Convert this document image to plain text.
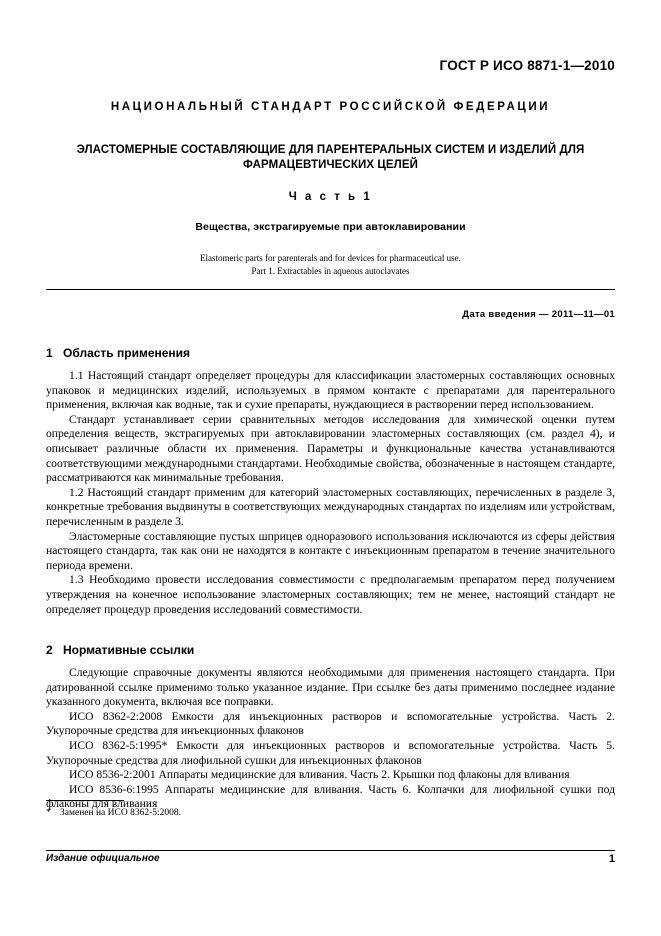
ГОСТ Р ИСО 8871-1—2010
НАЦИОНАЛЬНЫЙ СТАНДАРТ РОССИЙСКОЙ ФЕДЕРАЦИИ
ЭЛАСТОМЕРНЫЕ СОСТАВЛЯЮЩИЕ ДЛЯ ПАРЕНТЕРАЛЬНЫХ СИСТЕМ И ИЗДЕЛИЙ ДЛЯ ФАРМАЦЕВТИЧЕСКИХ ЦЕЛЕЙ
Ч а с т ь 1
Вещества, экстрагируемые при автоклавировании
Elastomeric parts for parenterals and for devices for pharmaceutical use.
Part 1. Extractables in aqueous autoclavates
Дата введения — 2011—11—01
1 Область применения

1.1 Настоящий стандарт определяет процедуры для классификации эластомерных составляющих основных упаковок и медицинских изделий, используемых в прямом контакте с препаратами для парентерального применения, включая как водные, так и сухие препараты, нуждающиеся в растворении перед использованием.

Стандарт устанавливает серии сравнительных методов исследования для химической оценки путем определения веществ, экстрагируемых при автоклавировании эластомерных составляющих (см. раздел 4), и описывает различные области их применения. Параметры и функциональные качества устанавливаются соответствующими международными стандартами. Необходимые свойства, обозначенные в настоящем стандарте, рассматриваются как минимальные требования.

1.2 Настоящий стандарт применим для категорий эластомерных составляющих, перечисленных в разделе 3, конкретные требования выдвинуты в соответствующих международных стандартах по изделиям или устройствам, перечисленным в разделе 3.

Эластомерные составляющие пустых шприцев одноразового использования исключаются из сферы действия настоящего стандарта, так как они не находятся в контакте с инъекционным препаратом в течение значительного периода времени.

1.3 Необходимо провести исследования совместимости с предполагаемым препаратом перед получением утверждения на конечное использование эластомерных составляющих; тем не менее, настоящий стандарт не определяет процедур проведения исследований совместимости.

2 Нормативные ссылки

Следующие справочные документы являются необходимыми для применения настоящего стандарта. При датированной ссылке применимо только указанное издание. При ссылке без даты применимо последнее издание указанного документа, включая все поправки.

ИСО 8362-2:2008 Емкости для инъекционных растворов и вспомогательные устройства. Часть 2. Укупорочные средства для инъекционных флаконов

ИСО 8362-5:1995* Емкости для инъекционных растворов и вспомогательные устройства. Часть 5. Укупорочные средства для лиофильной сушки для инъекционных флаконов

ИСО 8536-2:2001 Аппараты медицинские для вливания. Часть 2. Крышки под флаконы для вливания

ИСО 8536-6:1995 Аппараты медицинские для вливания. Часть 6. Колпачки для лиофильной сушки под флаконы для вливания

* Заменен на ИСО 8362-5:2008.
Издание официальное	1
